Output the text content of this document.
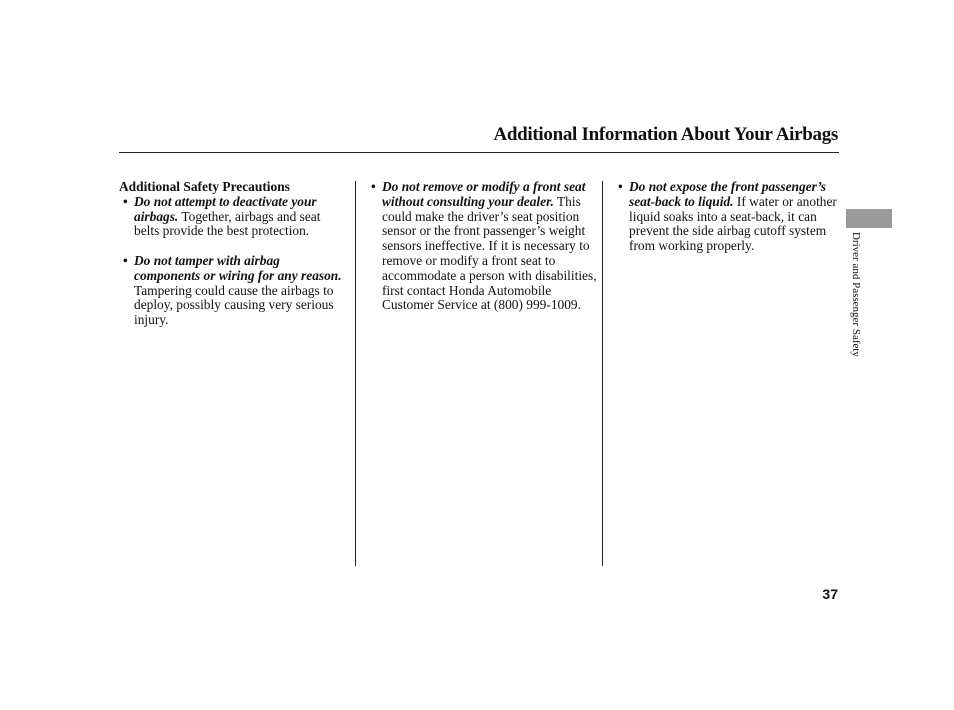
Additional Information About Your Airbags
Additional Safety Precautions

• Do not attempt to deactivate your airbags. Together, airbags and seat belts provide the best protection.

• Do not tamper with airbag components or wiring for any reason. Tampering could cause the airbags to deploy, possibly causing very serious injury.

• Do not remove or modify a front seat without consulting your dealer. This could make the driver’s seat position sensor or the front passenger’s weight sensors ineffective. If it is necessary to remove or modify a front seat to accommodate a person with disabilities, first contact Honda Automobile Customer Service at (800) 999-1009.

• Do not expose the front passenger’s seat-back to liquid. If water or another liquid soaks into a seat-back, it can prevent the side airbag cutoff system from working properly.	Driver and Passenger Safety
37
